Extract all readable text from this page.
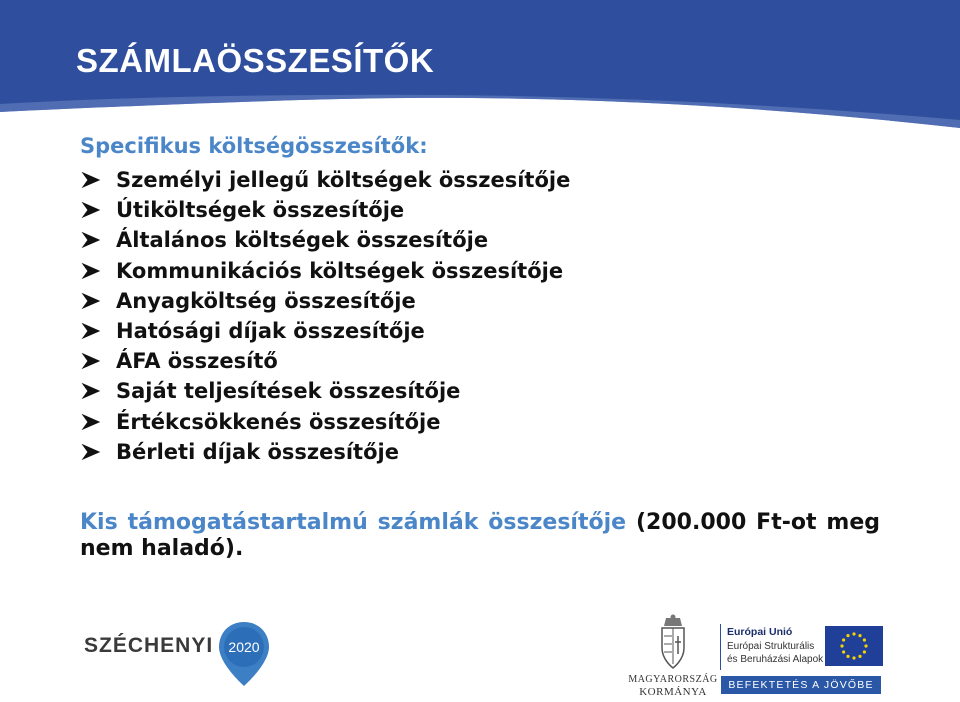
SZÁMLAÖSSZESÍTŐK
Specifikus költségösszesítők:
Személyi jellegű költségek összesítője
Útiköltségek összesítője
Általános költségek összesítője
Kommunikációs költségek összesítője
Anyagköltség összesítője
Hatósági díjak összesítője
ÁFA összesítő
Saját teljesítések összesítője
Értékcsökkenés összesítője
Bérleti díjak összesítője
Kis támogatástartalmú számlák összesítője (200.000 Ft-ot meg nem haladó).
SZÉCHENYI 2020
MAGYARORSZÁG
KORMÁNYA
Európai Unió
Európai Strukturális
és Beruházási Alapok
BEFEKTETÉS A JÖVŐBE
